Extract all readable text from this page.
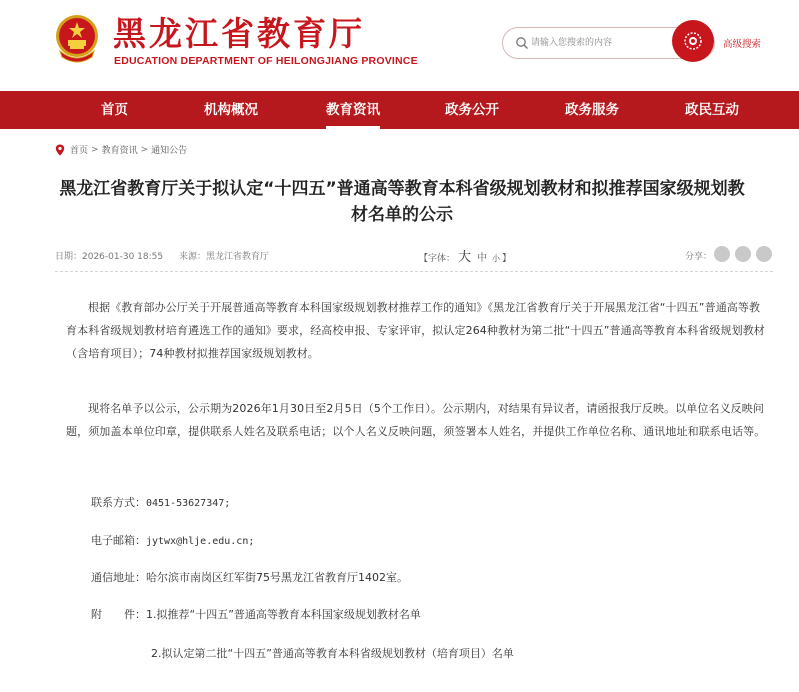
黑龙江省教育厅
EDUCATION DEPARTMENT OF HEILONGJIANG PROVINCE
请输入您搜索的内容
高级搜索
首页	机构概况	教育资讯	政务公开	政务服务	政民互动
首页 > 教育资讯 > 通知公告
黑龙江省教育厅关于拟认定“十四五”普通高等教育本科省级规划教材和拟推荐国家级规划教材名单的公示
日期：2026-01-30 18:55 来源：黑龙江省教育厅	【字体： 大 中 小 】	分享：
根据《教育部办公厅关于开展普通高等教育本科国家级规划教材推荐工作的通知》《黑龙江省教育厅关于开展黑龙江省“十四五”普通高等教育本科省级规划教材培育遴选工作的通知》要求，经高校申报、专家评审，拟认定264种教材为第二批“十四五”普通高等教育本科省级规划教材（含培育项目）；74种教材拟推荐国家级规划教材。
现将名单予以公示，公示期为2026年1月30日至2月5日（5个工作日）。公示期内，对结果有异议者，请函报我厅反映。以单位名义反映问题，须加盖本单位印章，提供联系人姓名及联系电话；以个人名义反映问题，须签署本人姓名，并提供工作单位名称、通讯地址和联系电话等。
联系方式：0451-53627347;
电子邮箱：jytwx@hlje.edu.cn;
通信地址：哈尔滨市南岗区红军街75号黑龙江省教育厅1402室。
附　　件：1.拟推荐“十四五”普通高等教育本科国家级规划教材名单
2.拟认定第二批“十四五”普通高等教育本科省级规划教材（培育项目）名单
